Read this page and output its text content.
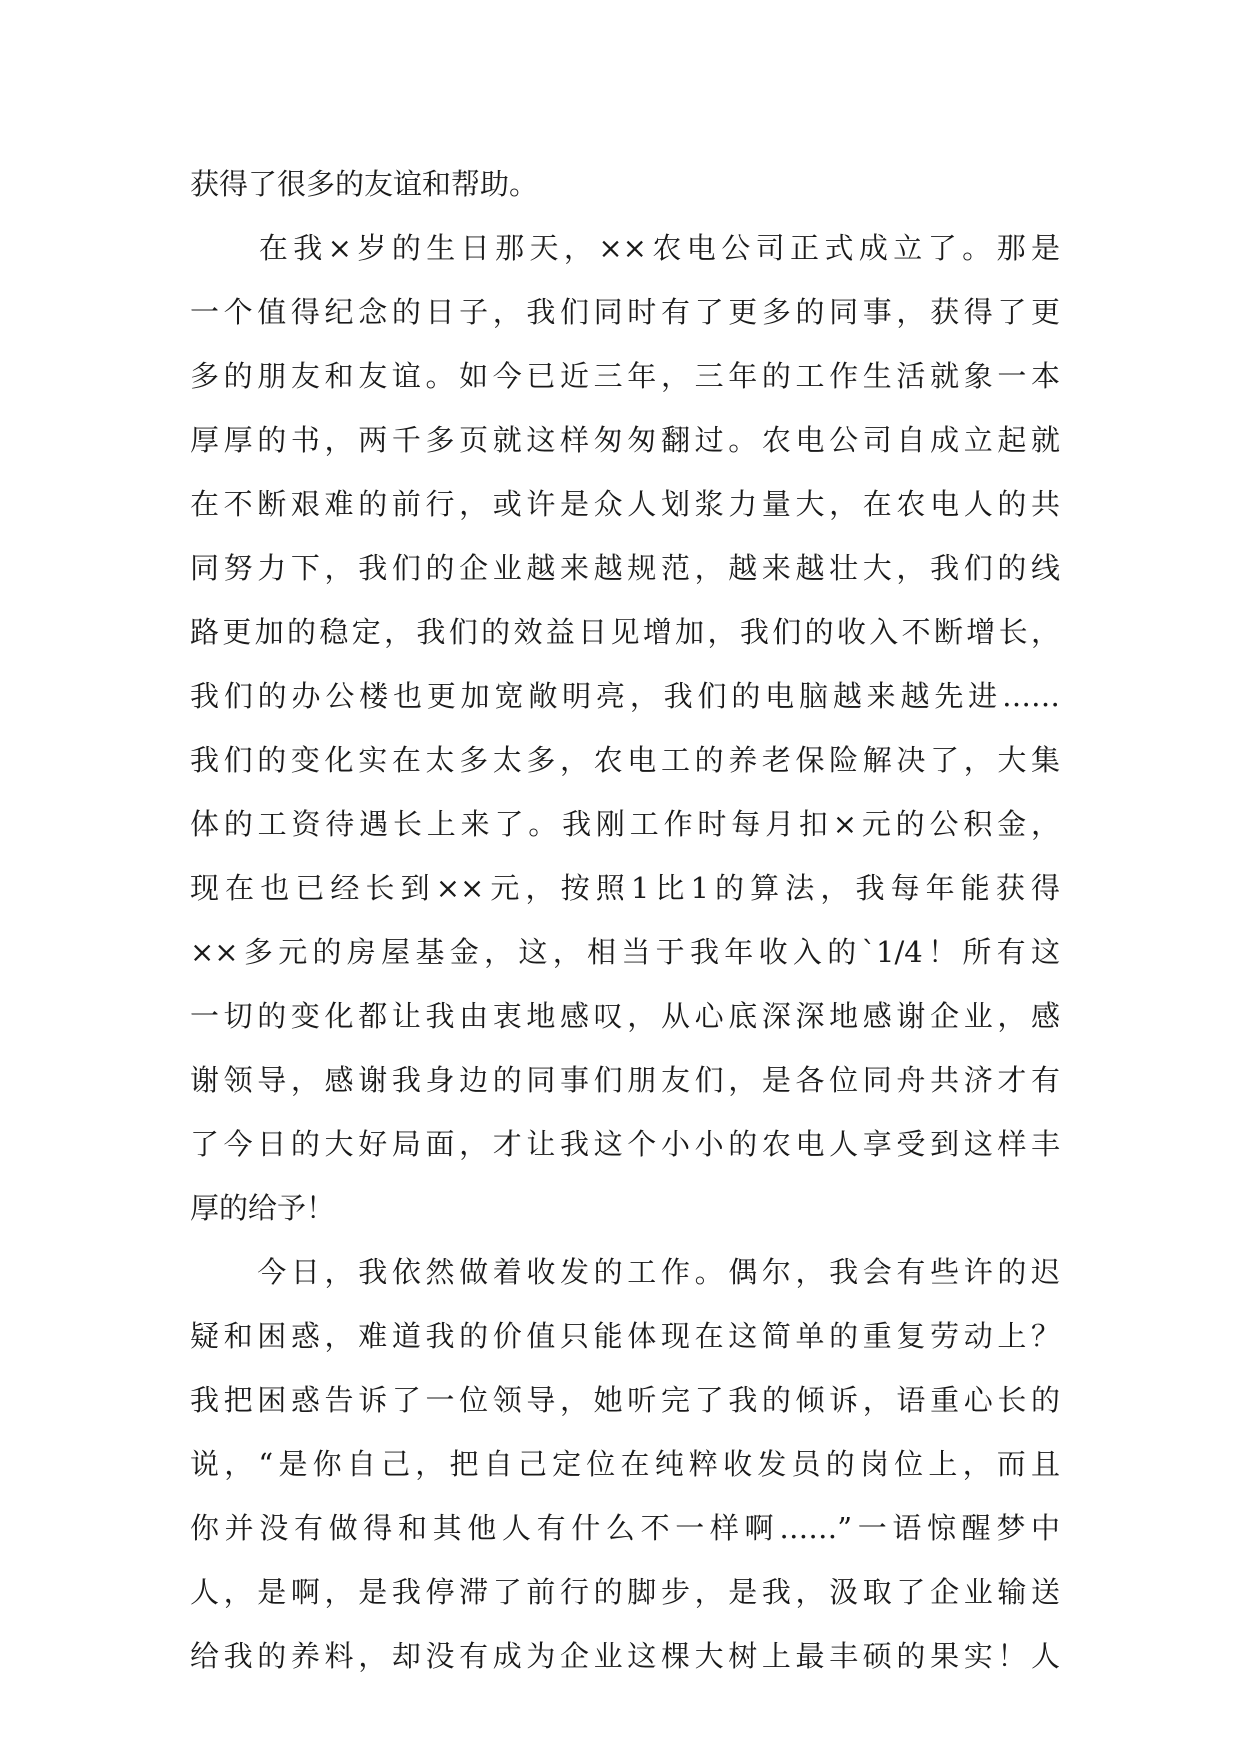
获得了很多的友谊和帮助。
　　在我×岁的生日那天，××农电公司正式成立了。那是
一个值得纪念的日子，我们同时有了更多的同事，获得了更
多的朋友和友谊。如今已近三年，三年的工作生活就象一本
厚厚的书，两千多页就这样匆匆翻过。农电公司自成立起就
在不断艰难的前行，或许是众人划浆力量大，在农电人的共
同努力下，我们的企业越来越规范，越来越壮大，我们的线
路更加的稳定，我们的效益日见增加，我们的收入不断增长，
我们的办公楼也更加宽敞明亮，我们的电脑越来越先进……
我们的变化实在太多太多，农电工的养老保险解决了，大集
体的工资待遇长上来了。我刚工作时每月扣×元的公积金，
现在也已经长到××元，按照1比1的算法，我每年能获得
××多元的房屋基金，这，相当于我年收入的`1/4！所有这
一切的变化都让我由衷地感叹，从心底深深地感谢企业，感
谢领导，感谢我身边的同事们朋友们，是各位同舟共济才有
了今日的大好局面，才让我这个小小的农电人享受到这样丰
厚的给予！
　　今日，我依然做着收发的工作。偶尔，我会有些许的迟
疑和困惑，难道我的价值只能体现在这简单的重复劳动上？
我把困惑告诉了一位领导，她听完了我的倾诉，语重心长的
说，“是你自己，把自己定位在纯粹收发员的岗位上，而且
你并没有做得和其他人有什么不一样啊……”一语惊醒梦中
人，是啊，是我停滞了前行的脚步，是我，汲取了企业输送
给我的养料，却没有成为企业这棵大树上最丰硕的果实！人
